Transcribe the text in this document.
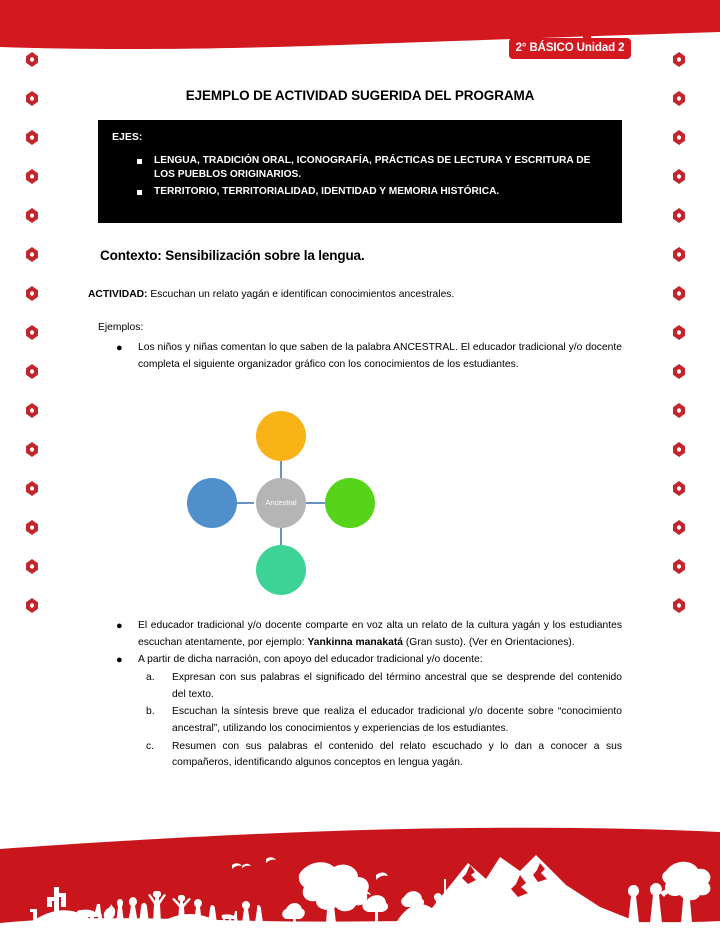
2° BÁSICO Unidad 2
EJEMPLO DE ACTIVIDAD SUGERIDA DEL PROGRAMA
EJES:
LENGUA, TRADICIÓN ORAL, ICONOGRAFÍA, PRÁCTICAS DE LECTURA Y ESCRITURA DE LOS PUEBLOS ORIGINARIOS.
TERRITORIO, TERRITORIALIDAD, IDENTIDAD Y MEMORIA HISTÓRICA.
Contexto: Sensibilización sobre la lengua.
ACTIVIDAD: Escuchan un relato yagán e identifican conocimientos ancestrales.
Ejemplos:
●	Los niños y niñas comentan lo que saben de la palabra ANCESTRAL. El educador tradicional y/o docente completa el siguiente organizador gráfico con los conocimientos de los estudiantes.
Ancestral
●	El educador tradicional y/o docente comparte en voz alta un relato de la cultura yagán y los estudiantes escuchan atentamente, por ejemplo: Yankinna manakatá (Gran susto). (Ver en Orientaciones).
●	A partir de dicha narración, con apoyo del educador tradicional y/o docente:
a.	Expresan con sus palabras el significado del término ancestral que se desprende del contenido del texto.
b.	Escuchan la síntesis breve que realiza el educador tradicional y/o docente sobre “conocimiento ancestral”, utilizando los conocimientos y experiencias de los estudiantes.
c.	Resumen con sus palabras el contenido del relato escuchado y lo dan a conocer a sus compañeros, identificando algunos conceptos en lengua yagán.
